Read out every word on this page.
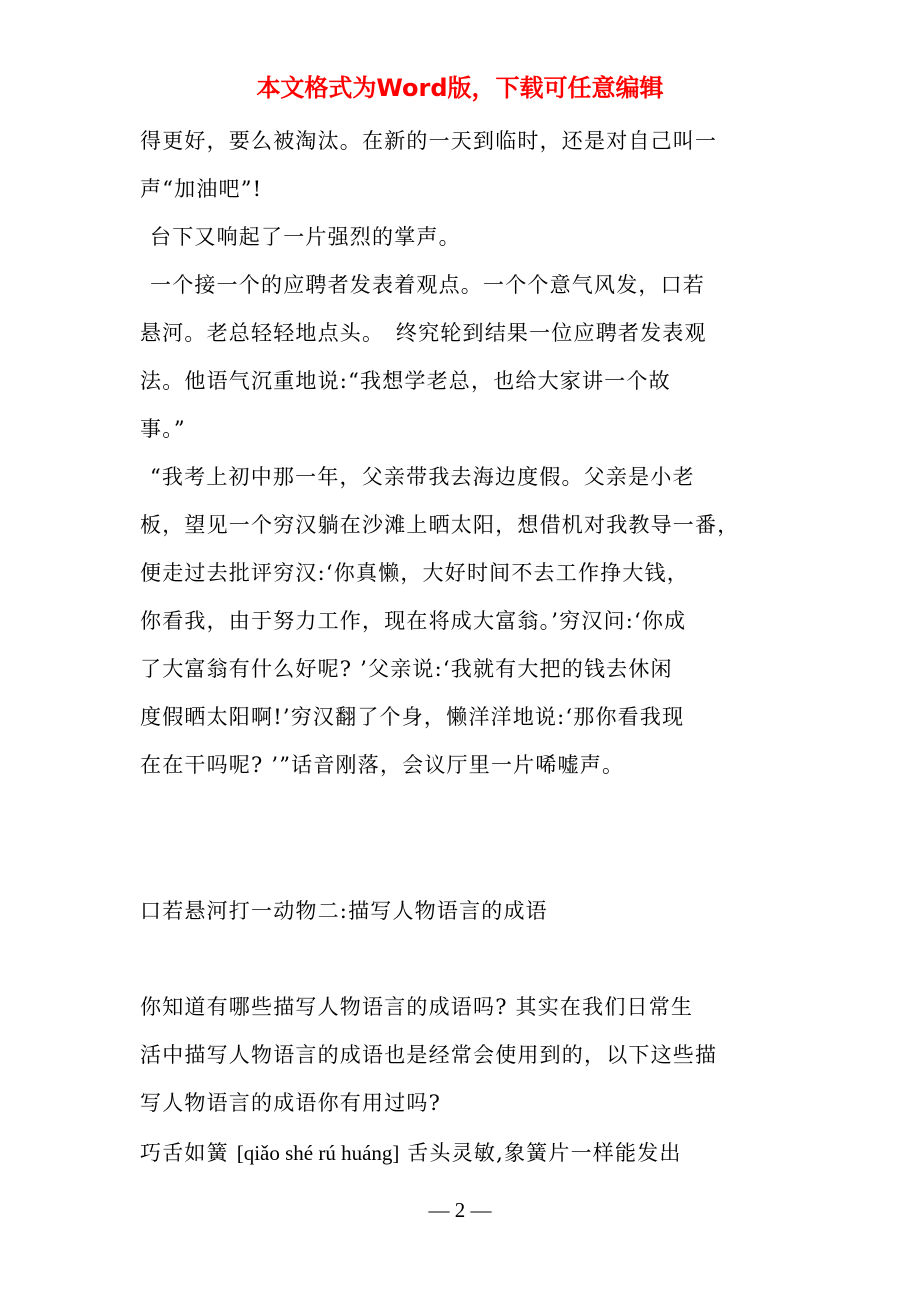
本文格式为Word版，下载可任意编辑
得更好，要么被淘汰。在新的一天到临时，还是对自己叫一
声“加油吧”!
台下又响起了一片强烈的掌声。
一个接一个的应聘者发表着观点。一个个意气风发，口若
悬河。老总轻轻地点头。　终究轮到结果一位应聘者发表观
法。他语气沉重地说:“我想学老总，也给大家讲一个故
事。”
“我考上初中那一年，父亲带我去海边度假。父亲是小老
板，望见一个穷汉躺在沙滩上晒太阳，想借机对我教导一番，
便走过去批评穷汉:‘你真懒，大好时间不去工作挣大钱，
你看我，由于努力工作，现在将成大富翁。’穷汉问:‘你成
了大富翁有什么好呢? ’父亲说:‘我就有大把的钱去休闲
度假晒太阳啊!’穷汉翻了个身，懒洋洋地说:‘那你看我现
在在干吗呢? ’”话音刚落，会议厅里一片唏嘘声。
口若悬河打一动物二:描写人物语言的成语
你知道有哪些描写人物语言的成语吗? 其实在我们日常生
活中描写人物语言的成语也是经常会使用到的，以下这些描
写人物语言的成语你有用过吗?
巧舌如簧 [qiǎo shé rú huáng] 舌头灵敏,象簧片一样能发出
— 2 —
